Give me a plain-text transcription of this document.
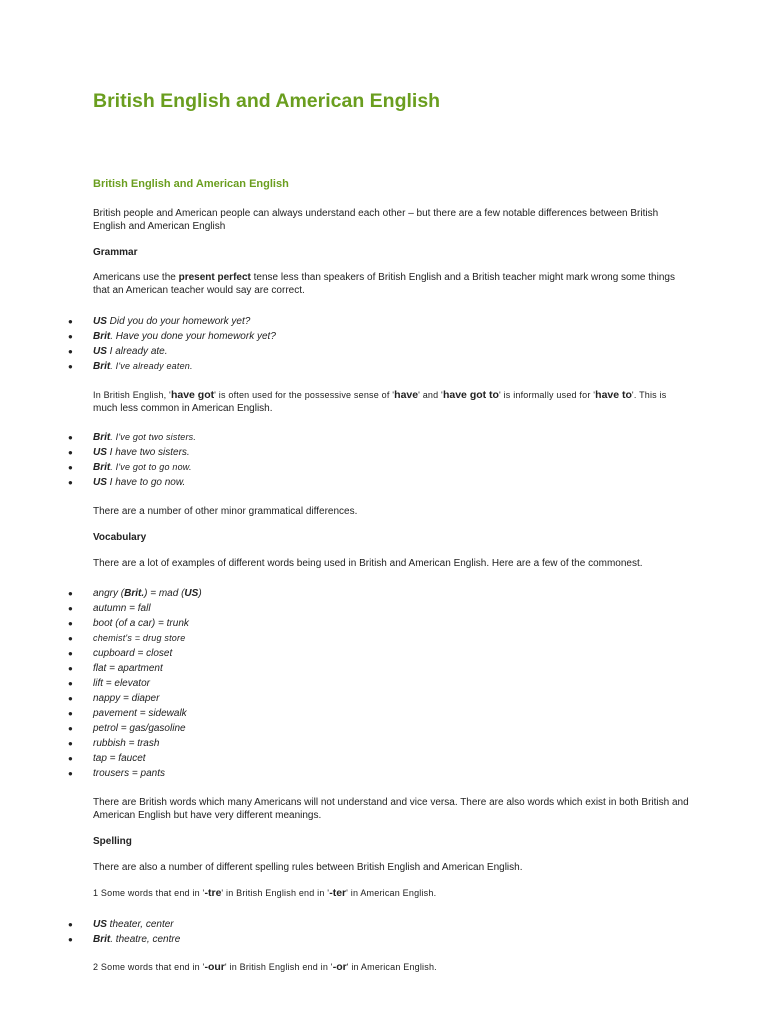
British English and American English
British English and American English

British people and American people can always understand each other – but there are a few notable differences between British English and American English

Grammar

Americans use the present perfect tense less than speakers of British English and a British teacher might mark wrong some things that an American teacher would say are correct.

● US Did you do your homework yet?
● Brit. Have you done your homework yet?
● US I already ate.
● Brit. I've already eaten.

In British English, 'have got' is often used for the possessive sense of 'have' and 'have got to' is informally used for 'have to'. This is
much less common in American English.

● Brit. I've got two sisters.
● US I have two sisters.
● Brit. I've got to go now.
● US I have to go now.

There are a number of other minor grammatical differences.

Vocabulary

There are a lot of examples of different words being used in British and American English. Here are a few of the commonest.

● angry (Brit.) = mad (US)
● autumn = fall
● boot (of a car) = trunk
● chemist's = drug store
● cupboard = closet
● flat = apartment
● lift = elevator
● nappy = diaper
● pavement = sidewalk
● petrol = gas/gasoline
● rubbish = trash
● tap = faucet
● trousers = pants

There are British words which many Americans will not understand and vice versa. There are also words which exist in both British and American English but have very different meanings.

Spelling

There are also a number of different spelling rules between British English and American English.

1 Some words that end in '-tre' in British English end in '-ter' in American English.

● US theater, center
● Brit. theatre, centre

2 Some words that end in '-our' in British English end in '-or' in American English.
